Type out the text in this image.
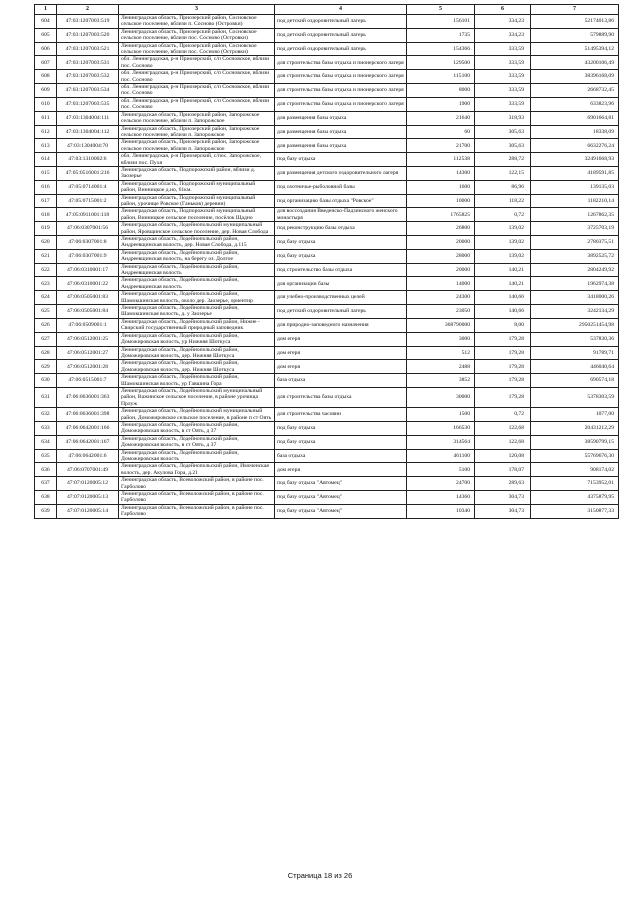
1	2	3	4	5	6	7
604	47:03:1207003:519	Ленинградская область, Приозерский район, Сосновское сельское поселение, вблизи п. Сосново (Островки)	под детский оздоровительный лагерь	156101	334,23	52174013,86
605	47:03:1207003:520	Ленинградская область, Приозерский район, Сосновское сельское поселение, вблизи пос. Сосново (Островки)	под детский оздоровительный лагерь	1735	334,23	579889,90
606	47:03:1207003:521	Ленинградская область, Приозерский район, Сосновское сельское поселение, вблизи пос. Сосново (Островки)	под детский оздоровительный лагерь	154366	333,59	51495394,12
607	47:03:1207003:531	обл. Ленинградская, р-н Приозерский, с/п Сосновское, вблизи пос. Сосново	для строительства базы отдыха и пионерского лагеря	129500	333,59	43200106,49
608	47:03:1207003:532	обл. Ленинградская, р-н Приозерский, с/п Сосновское, вблизи пос. Сосново	для строительства базы отдыха и пионерского лагеря	115100	333,59	38396168,09
609	47:03:1207003:534	обл. Ленинградская, р-н Приозерский, с/п Сосновское, вблизи пос. Сосново	для строительства базы отдыха и пионерского лагеря	8000	333,59	2668732,45
610	47:03:1207003:535	обл. Ленинградская, р-н Приозерский, с/п Сосновское, вблизи пос. Сосново	для строительства базы отдыха и пионерского лагеря	1900	333,59	633823,96
611	47:03:1304004:111	Ленинградская область, Приозерский район, Запорожское сельское поселение, вблизи п. Запорожское	для размещения базы отдыха	21640	318,93	6901664,81
612	47:03:1304004:112	Ленинградская область, Приозерский район, Запорожское сельское поселение, вблизи п. Запорожское	для размещения базы отдыха	60	305,63	18338,09
613	47:03:1304004:70	Ленинградская область, Приозерский район, Запорожское сельское поселение, вблизи п. Запорожское	для размещения базы отдыха	21700	305,63	6632276,24
614	47:03:1310002:6	обл. Ленинградская, р-н Приозерский, с/пос. Запорожское, вблизи пос. Пухя	под базу отдыха	112538	288,72	32491668,93
615	47:05:0516001:216	Ленинградская область, Подпорожский район, вблизи д. Заозерье	для размещения детского оздоровительного лагеря	14300	122,15	4189591,85
616	47:05:0714001:4	Ленинградская область, Подпорожский муниципальный район, Винницкое д.ио, 61км.	под охотничье-рыболовной базы	1600	86,96	139135,03
617	47:05:0715001:2	Ленинградская область, Подпорожский муниципальный район, урочище Ровское (Ганьков) деревни)	под организацию базы отдыха "Ровское"	10000	118,22	1182210,14
618	47:05:0911001:118	Ленинградская область, Подпорожский муниципальный район, Винницкое сельское поселение, посёлок Щадно	для воссоздания Введенско-Падзинского женского монастыря	1765825	0,72	1267862,35
619	47:06:0307001:56	Ленинградская область, Лодейнопольский муниципальный район, Яровщинское сельское поселение, дер. Новая Слобода	под реконструкцию базы отдыха	26800	139,02	3725703,19
620	47:06:0307001:8	Ленинградская область, Лодейнопольский район, Андреевщинская волость, дер. Новая Слобода, д.115	под базу отдыха	20000	139,02	2780375,51
621	47:06:0307001:9	Ленинградская область, Лодейнопольский район, Андреевщинская волость, на берегу оз. Долгое	под базу отдыха	28000	139,02	3892525,72
622	47:06:0310001:17	Ленинградская область, Лодейнопольский район, Андреевщинская волость	под строительство базы отдыха	20000	140,21	2804249,92
623	47:06:0310001:22	Ленинградская область, Лодейнопольский район, Андреевщинская волость	для организации базы	14000	140,21	1962974,38
624	47:06:0505001:83	Ленинградская область, Лодейнопольский район, Шамокшинская волость, около дер. Заозерье, ориентир	для учебно-производственных целей	24300	140,66	3418000,26
625	47:06:0505001:84	Ленинградская область, Лодейнопольский район, Шамокшинская волость, д. у Заозерье	под детский оздоровительный лагерь	23050	140,66	3242134,29
626	47:06:0509001:1	Ленинградская область, Лодейнопольский район, Нижне - Свирский государственный природный заповедник	для природно-заповедного назначения	368790000	8,00	2950251454,98
627	47:06:0512001:25	Ленинградская область, Лодейнопольский район, Доможировская волость, ур Нижняя Шоткуса	дом егеря	3000	179,28	537830,36
628	47:06:0512001:27	Ленинградская область, Лодейнопольский район, Доможировская волость, дер. Нижняя Шоткуса	дом егеря	512	179,28	91789,71
629	47:06:0512001:28	Ленинградская область, Лодейнопольский район, Доможировская волость, дер. Нижняя Шоткуса	дом егеря	2488	179,28	446040,64
630	47:06:0515001:7	Ленинградская область, Лодейнопольский район, Шамокшинская волость, ур Гавшина Гора	база отдыха	3852	179,28	690574,18
631	47:06:0636001:363	Ленинградская область, Лодейнопольский муниципальный район, Важинское сельское поселение, в районе урочища Прлуж	для строительства базы отдыха	30000	179,28	5378303,59
632	47:06:0636001:398	Ленинградская область, Лодейнопольский муниципальный район, Доможировское сельское поселение, в районе п ст Оять	для строительства часовни	1500	0,72	1077,00
633	47:06:0642001:166	Ленинградская область, Лодейнопольский район, Доможировская волость, в ст Оять, д 37	под базу отдыха	166530	122,68	20431212,29
634	47:06:0642001:167	Ленинградская область, Лодейнопольский район, Доможировская волость, в ст Оять, д 37	под базу отдыха	314564	122,68	38590799,15
635	47:06:0642001:6	Ленинградская область, Лодейнопольский район, Доможировская волость	база отдыха	461100	120,08	55769676,30
636	47:06:0707001:49	Ленинградская область, Лодейнопольский район, Имоченская волость, дер. Акулова Гора, д.21	дом егеря	5100	178,07	908174,02
637	47:07:0120005:12	Ленинградская область, Всеволожский район, в районе пос. Гарболово	под базу отдыха "Автомец"	24700	289,63	7153952,01
638	47:07:0120005:13	Ленинградская область, Всеволожский район, в районе пос. Гарболово	под базу отдыха "Автомец"	14360	304,73	4375879,95
639	47:07:0120005:14	Ленинградская область, Всеволожский район, в районе пос. Гарболово	под базу отдыха "Автомец"	10340	304,73	3150877,33
Страница 18 из 26
